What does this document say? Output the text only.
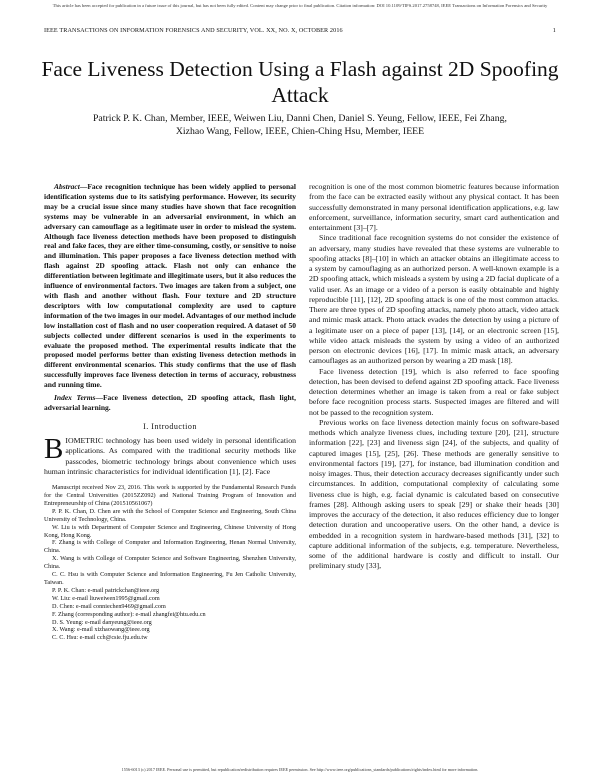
This article has been accepted for publication in a future issue of this journal, but has not been fully edited. Content may change prior to final publication. Citation information: DOI 10.1109/TIFS.2017.2758748, IEEE Transactions on Information Forensics and Security
IEEE TRANSACTIONS ON INFORMATION FORENSICS AND SECURITY, VOL. XX, NO. X, OCTOBER 2016	1
Face Liveness Detection Using a Flash against 2D Spoofing Attack
Patrick P. K. Chan, Member, IEEE, Weiwen Liu, Danni Chen, Daniel S. Yeung, Fellow, IEEE, Fei Zhang,
Xizhao Wang, Fellow, IEEE, Chien-Ching Hsu, Member, IEEE

Abstract—Face recognition technique has been widely applied to personal identification systems due to its satisfying performance. However, its security may be a crucial issue since many studies have shown that face recognition systems may be vulnerable in an adversarial environment, in which an adversary can camouflage as a legitimate user in order to mislead the system. Although face liveness detection methods have been proposed to distinguish real and fake faces, they are either time-consuming, costly, or sensitive to noise and illumination. This paper proposes a face liveness detection method with flash against 2D spoofing attack. Flash not only can enhance the differentiation between legitimate and illegitimate users, but it also reduces the influence of environmental factors. Two images are taken from a subject, one with flash and another without flash. Four texture and 2D structure descriptors with low computational complexity are used to capture information of the two images in our model. Advantages of our method include low installation cost of flash and no user cooperation required. A dataset of 50 subjects collected under different scenarios is used in the experiments to evaluate the proposed method. The experimental results indicate that the proposed model performs better than existing liveness detection methods in different environmental scenarios. This study confirms that the use of flash successfully improves face liveness detection in terms of accuracy, robustness and running time.

Index Terms—Face liveness detection, 2D spoofing attack, flash light, adversarial learning.

I. Introduction

BIOMETRIC technology has been used widely in personal identification applications. As compared with the traditional security methods like passcodes, biometric technology brings about convenience which uses human intrinsic characteristics for individual identification [1], [2]. Face

Manuscript received Nov 23, 2016. This work is supported by the Fundamental Research Funds for the Central Universities (2015ZZ092) and National Training Program of Innovation and Entrepreneurship of China (201510561067)

P. P. K. Chan, D. Chen are with the School of Computer Science and Engineering, South China University of Technology, China.

W. Liu is with Department of Computer Science and Engineering, Chinese University of Hong Kong, Hong Kong.

F. Zhang is with College of Computer and Information Engineering, Henan Normal University, China.

X. Wang is with College of Computer Science and Software Engineering, Shenzhen University, China.

C. C. Hsu is with Computer Science and Information Engineering, Fu Jen Catholic University, Taiwan.

P. P. K. Chan: e-mail patrickchan@ieee.org

W. Liu: e-mail liuweiwen1995@gmail.com

D. Chen: e-mail conniechen9469@gmail.com

F. Zhang (corresponding author): e-mail zhangfei@htu.edu.cn

D. S. Yeung: e-mail danyeung@ieee.org

X. Wang: e-mail xizhaowang@ieee.org

C. C. Hsu: e-mail cch@csie.fju.edu.tw

recognition is one of the most common biometric features because information from the face can be extracted easily without any physical contact. It has been successfully demonstrated in many personal identification applications, e.g. law enforcement, surveillance, information security, smart card authentication and entertainment [3]–[7].

Since traditional face recognition systems do not consider the existence of an adversary, many studies have revealed that these systems are vulnerable to spoofing attacks [8]–[10] in which an attacker obtains an illegitimate access to a system by camouflaging as an authorized person. A well-known example is a 2D spoofing attack, which misleads a system by using a 2D facial duplicate of a valid user. As an image or a video of a person is easily obtainable and highly reproducible [11], [12], 2D spoofing attack is one of the most common attacks. There are three types of 2D spoofing attacks, namely photo attack, video attack and mimic mask attack. Photo attack evades the detection by using a picture of a legitimate user on a piece of paper [13], [14], or an electronic screen [15], while video attack misleads the system by using a video of an authorized person on electronic devices [16], [17]. In mimic mask attack, an adversary camouflages as an authorized person by wearing a 2D mask [18].

Face liveness detection [19], which is also referred to face spoofing detection, has been devised to defend against 2D spoofing attack. Face liveness detection determines whether an image is taken from a real or fake subject before face recognition process starts. Suspected images are filtered and will not be passed to the recognition system.

Previous works on face liveness detection mainly focus on software-based methods which analyze liveness clues, including texture [20], [21], structure information [22], [23] and liveness sign [24], of the subjects, and quality of captured images [15], [25], [26]. These methods are generally sensitive to environmental factors [19], [27], for instance, bad illumination condition and noisy images. Thus, their detection accuracy decreases significantly under such circumstances. In addition, computational complexity of calculating some liveness clue is high, e.g. facial dynamic is calculated based on consecutive frames [28]. Although asking users to speak [29] or shake their heads [30] improves the accuracy of the detection, it also reduces efficiency due to longer detection duration and uncooperative users. On the other hand, a device is embedded in a recognition system in hardware-based methods [31], [32] to capture additional information of the subjects, e.g. temperature. Nevertheless, some of the additional hardware is costly and difficult to install. Our preliminary study [33],

1556-6013 (c) 2017 IEEE. Personal use is permitted, but republication/redistribution requires IEEE permission. See http://www.ieee.org/publications_standards/publications/rights/index.html for more information.
